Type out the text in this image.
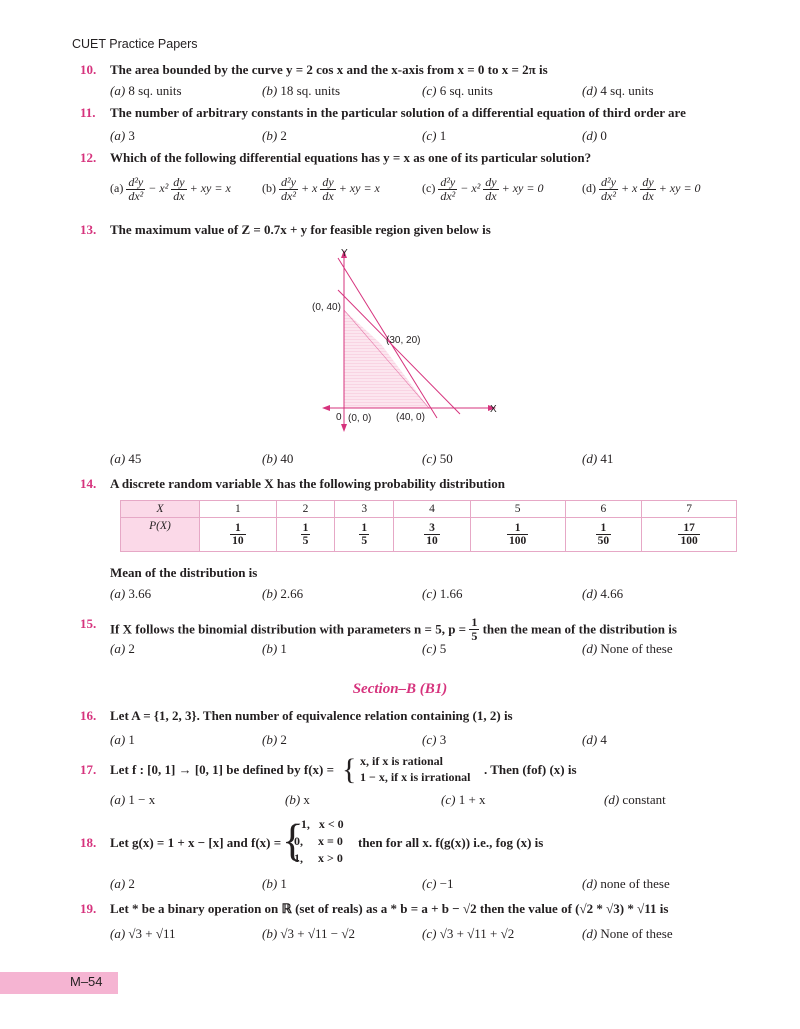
CUET Practice Papers
10. The area bounded by the curve y = 2 cos x and the x-axis from x = 0 to x = 2π is
(a) 8 sq. units	(b) 18 sq. units	(c) 6 sq. units	(d) 4 sq. units
11. The number of arbitrary constants in the particular solution of a differential equation of third order are
(a) 3	(b) 2	(c) 1	(d) 0
12. Which of the following differential equations has y = x as one of its particular solution?
$(a) \frac{\text{d²y}}{\text{dx²}} - x^2 \frac{dy}{dx}$ + xy = x	$(b) \frac{\text{d²y}}{\text{dx²}} + x \frac{dy}{dx}$ + xy = x	$(c) \frac{\text{d²y}}{\text{dx²}} - x^2 \frac{dy}{dx}$ + xy = 0	$(d) \frac{\text{d²y}}{\text{dx²}} + x \frac{dy}{dx}$ + xy = 0
13. The maximum value of Z = 0.7x + y for feasible region given below is
Y
X
0
(0, 40)
(30, 20)
(0, 0) (40, 0)
(a) 45	(b) 40	(c) 50	(d) 41
14. A discrete random variable X has the following probability distribution
X	1	2	3	4	5	6	7
P(X)	$\frac{1}{10}$	$\frac{1}{5}$	$\frac{1}{5}$	$\frac{3}{10}$	$\frac{1}{100}$	$\frac{1}{50}$	$\frac{17}{100}$
Mean of the distribution is
(a) 3.66	(b) 2.66	(c) 1.66	(d) 4.66
15. If X follows the binomial distribution with parameters n = 5, $p = \frac{1}{5}$ then the mean of the distribution is
(a) 2	(b) 1	(c) 5	(d) None of these
Section–B (B1)
16. Let A = {1, 2, 3}. Then number of equivalence relation containing (1, 2) is
(a) 1	(b) 2	(c) 3	(d) 4
17. Let f : [0, 1] → [0, 1] be defined by f(x) = { x, if x is rational
1 − x, if x is irrational . Then (fof) (x) is
(a) 1 − x	(b) x	(c) 1 + x	(d) constant
18. Let g(x) = 1 + x − [x] and f(x) = {
−1,   x < 0
0,     x = 0
1,     x > 0
then for all x. f(g(x)) i.e., fog (x) is
(a) 2	(b) 1	(c) −1	(d) none of these
19. Let * be a binary operation on ℝ (set of reals) as a * b = a + b − √2 then the value of (√2 * √3) * √11 is
(a) √3 + √11	(b) √3 + √11 − √2	(c) √3 + √11 + √2	(d) None of these
M–54
